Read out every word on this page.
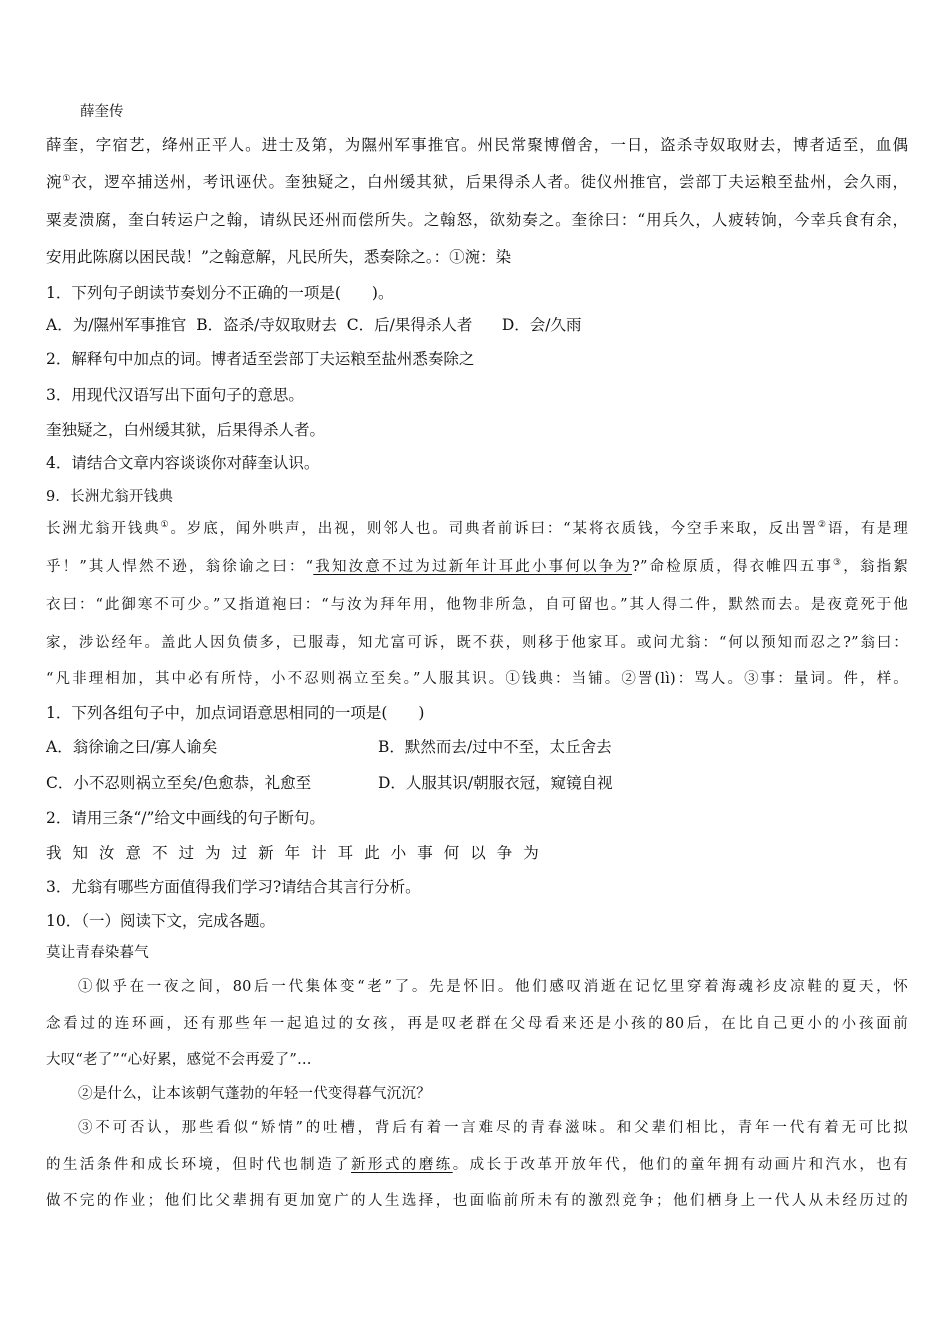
薛奎传
薛奎，字宿艺，绛州正平人。进士及第，为隰州军事推官。州民常聚博僧舍，一日，盗杀寺奴取财去，博者适至，血偶
涴①衣，逻卒捕送州，考讯诬伏。奎独疑之，白州缓其狱，后果得杀人者。徙仪州推官，尝部丁夫运粮至盐州，会久雨，
粟麦溃腐，奎白转运户之翰，请纵民还州而偿所失。之翰怒，欲劾奏之。奎徐曰：“用兵久，人疲转饷，今幸兵食有余，
安用此陈腐以困民哉！”之翰意解，凡民所失，悉奏除之。：①涴：染
1．下列句子朗读节奏划分不正确的一项是(　　)。
A．为/隰州军事推官  B．盗杀/寺奴取财去  C．后/果得杀人者      D．会/久雨
2．解释句中加点的词。博者适至尝部丁夫运粮至盐州悉奏除之
3．用现代汉语写出下面句子的意思。
奎独疑之，白州缓其狱，后果得杀人者。
4．请结合文章内容谈谈你对薛奎认识。
9．长洲尤翁开钱典
长洲尤翁开钱典①。岁底，闻外哄声，出视，则邻人也。司典者前诉曰：“某将衣质钱，今空手来取，反出詈②语，有是理
乎！”其人悍然不逊，翁徐谕之曰：“我知汝意不过为过新年计耳此小事何以争为?”命检原质，得衣帷四五事③，翁指絮
衣曰：“此御寒不可少。”又指道袍曰：“与汝为拜年用，他物非所急，自可留也。”其人得二件，默然而去。是夜竟死于他
家，涉讼经年。盖此人因负债多，已服毒，知尤富可诉，既不获，则移于他家耳。或问尤翁：“何以预知而忍之?”翁曰：
“凡非理相加，其中必有所恃，小不忍则祸立至矣。”人服其识。①钱典：当铺。②詈(lì)：骂人。③事：量词。件，样。
1．下列各组句子中，加点词语意思相同的一项是(　　)
A．翁徐谕之曰/寡人谕矣	B．默然而去/过中不至，太丘舍去
C．小不忍则祸立至矣/色愈恭，礼愈至	D．人服其识/朝服衣冠，窥镜自视
2．请用三条“/”给文中画线的句子断句。
我 知 汝 意 不 过 为 过 新 年 计 耳 此 小 事 何 以 争 为
3．尤翁有哪些方面值得我们学习?请结合其言行分析。
10．（一）阅读下文，完成各题。
莫让青春染暮气
①似乎在一夜之间，80后一代集体变“老”了。先是怀旧。他们感叹消逝在记忆里穿着海魂衫皮凉鞋的夏天，怀
念看过的连环画，还有那些年一起追过的女孩，再是叹老群在父母看来还是小孩的80后，在比自己更小的小孩面前
大叹“老了”“心好累，感觉不会再爱了”…
②是什么，让本该朝气蓬勃的年轻一代变得暮气沉沉？
③不可否认，那些看似“矫情”的吐槽，背后有着一言难尽的青春滋味。和父辈们相比，青年一代有着无可比拟
的生活条件和成长环境，但时代也制造了新形式的磨练。成长于改革开放年代，他们的童年拥有动画片和汽水，也有
做不完的作业；他们比父辈拥有更加宽广的人生选择，也面临前所未有的激烈竞争；他们栖身上一代人从未经历过的
